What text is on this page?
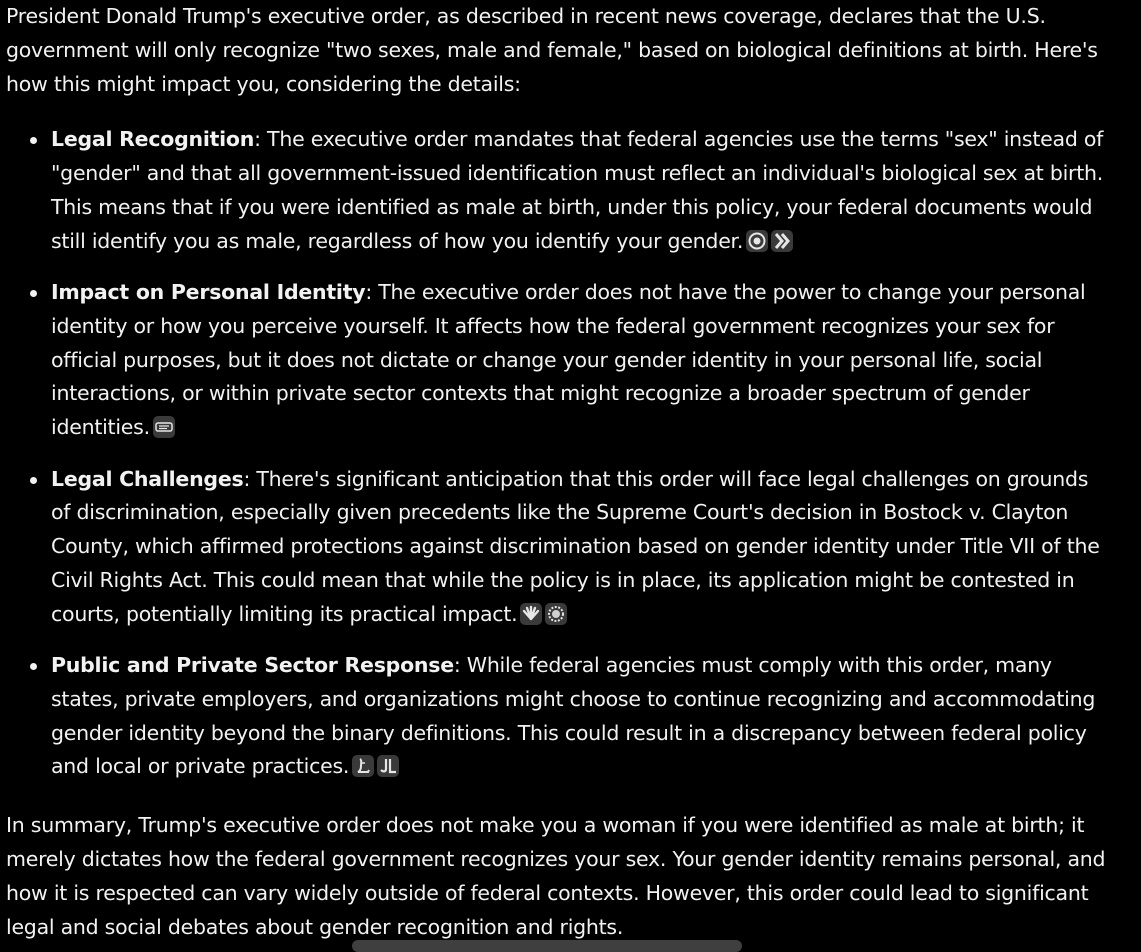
President Donald Trump's executive order, as described in recent news coverage, declares that the U.S. government will only recognize "two sexes, male and female," based on biological definitions at birth. Here's how this might impact you, considering the details:

Legal Recognition: The executive order mandates that federal agencies use the terms "sex" instead of "gender" and that all government-issued identification must reflect an individual's biological sex at birth. This means that if you were identified as male at birth, under this policy, your federal documents would still identify you as male, regardless of how you identify your gender.
Impact on Personal Identity: The executive order does not have the power to change your personal identity or how you perceive yourself. It affects how the federal government recognizes your sex for official purposes, but it does not dictate or change your gender identity in your personal life, social interactions, or within private sector contexts that might recognize a broader spectrum of gender identities.
Legal Challenges: There's significant anticipation that this order will face legal challenges on grounds of discrimination, especially given precedents like the Supreme Court's decision in Bostock v. Clayton County, which affirmed protections against discrimination based on gender identity under Title VII of the Civil Rights Act. This could mean that while the policy is in place, its application might be contested in courts, potentially limiting its practical impact.
Public and Private Sector Response: While federal agencies must comply with this order, many states, private employers, and organizations might choose to continue recognizing and accommodating gender identity beyond the binary definitions. This could result in a discrepancy between federal policy and local or private practices.

In summary, Trump's executive order does not make you a woman if you were identified as male at birth; it merely dictates how the federal government recognizes your sex. Your gender identity remains personal, and how it is respected can vary widely outside of federal contexts. However, this order could lead to significant legal and social debates about gender recognition and rights.
